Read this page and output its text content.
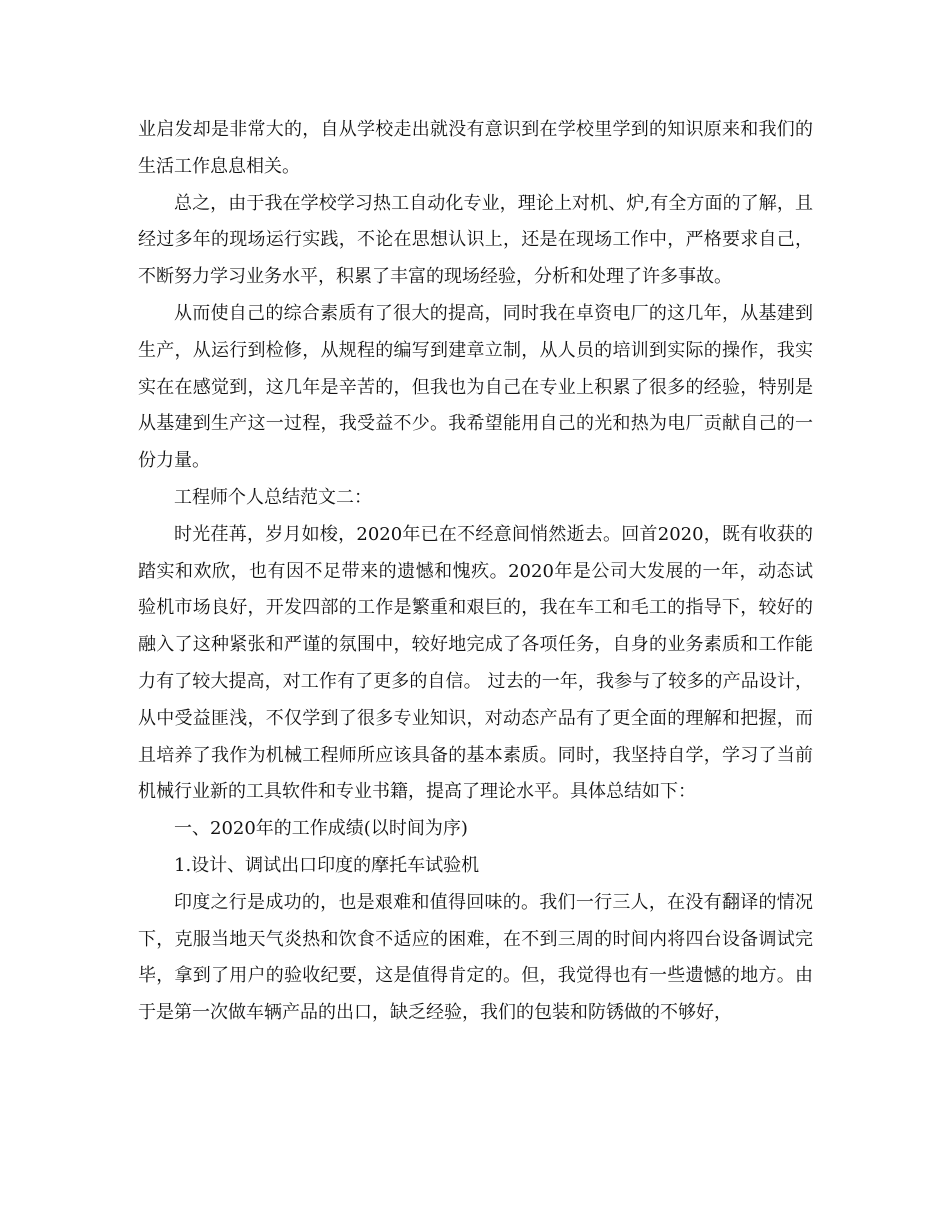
业启发却是非常大的，自从学校走出就没有意识到在学校里学到的知识原来和我们的生活工作息息相关。

总之，由于我在学校学习热工自动化专业，理论上对机、炉,有全方面的了解，且经过多年的现场运行实践，不论在思想认识上，还是在现场工作中，严格要求自己，不断努力学习业务水平，积累了丰富的现场经验，分析和处理了许多事故。

从而使自己的综合素质有了很大的提高，同时我在卓资电厂的这几年，从基建到生产，从运行到检修，从规程的编写到建章立制，从人员的培训到实际的操作，我实实在在感觉到，这几年是辛苦的，但我也为自己在专业上积累了很多的经验，特别是从基建到生产这一过程，我受益不少。我希望能用自己的光和热为电厂贡献自己的一份力量。

工程师个人总结范文二：

时光荏苒，岁月如梭，2020年已在不经意间悄然逝去。回首2020，既有收获的踏实和欢欣，也有因不足带来的遗憾和愧疚。2020年是公司大发展的一年，动态试验机市场良好，开发四部的工作是繁重和艰巨的，我在车工和毛工的指导下，较好的融入了这种紧张和严谨的氛围中，较好地完成了各项任务，自身的业务素质和工作能力有了较大提高，对工作有了更多的自信。 过去的一年，我参与了较多的产品设计，从中受益匪浅，不仅学到了很多专业知识，对动态产品有了更全面的理解和把握，而且培养了我作为机械工程师所应该具备的基本素质。同时，我坚持自学，学习了当前机械行业新的工具软件和专业书籍，提高了理论水平。具体总结如下：

一、2020年的工作成绩(以时间为序)

1.设计、调试出口印度的摩托车试验机

印度之行是成功的，也是艰难和值得回味的。我们一行三人，在没有翻译的情况下，克服当地天气炎热和饮食不适应的困难，在不到三周的时间内将四台设备调试完毕，拿到了用户的验收纪要，这是值得肯定的。但，我觉得也有一些遗憾的地方。由于是第一次做车辆产品的出口，缺乏经验，我们的包装和防锈做的不够好，
